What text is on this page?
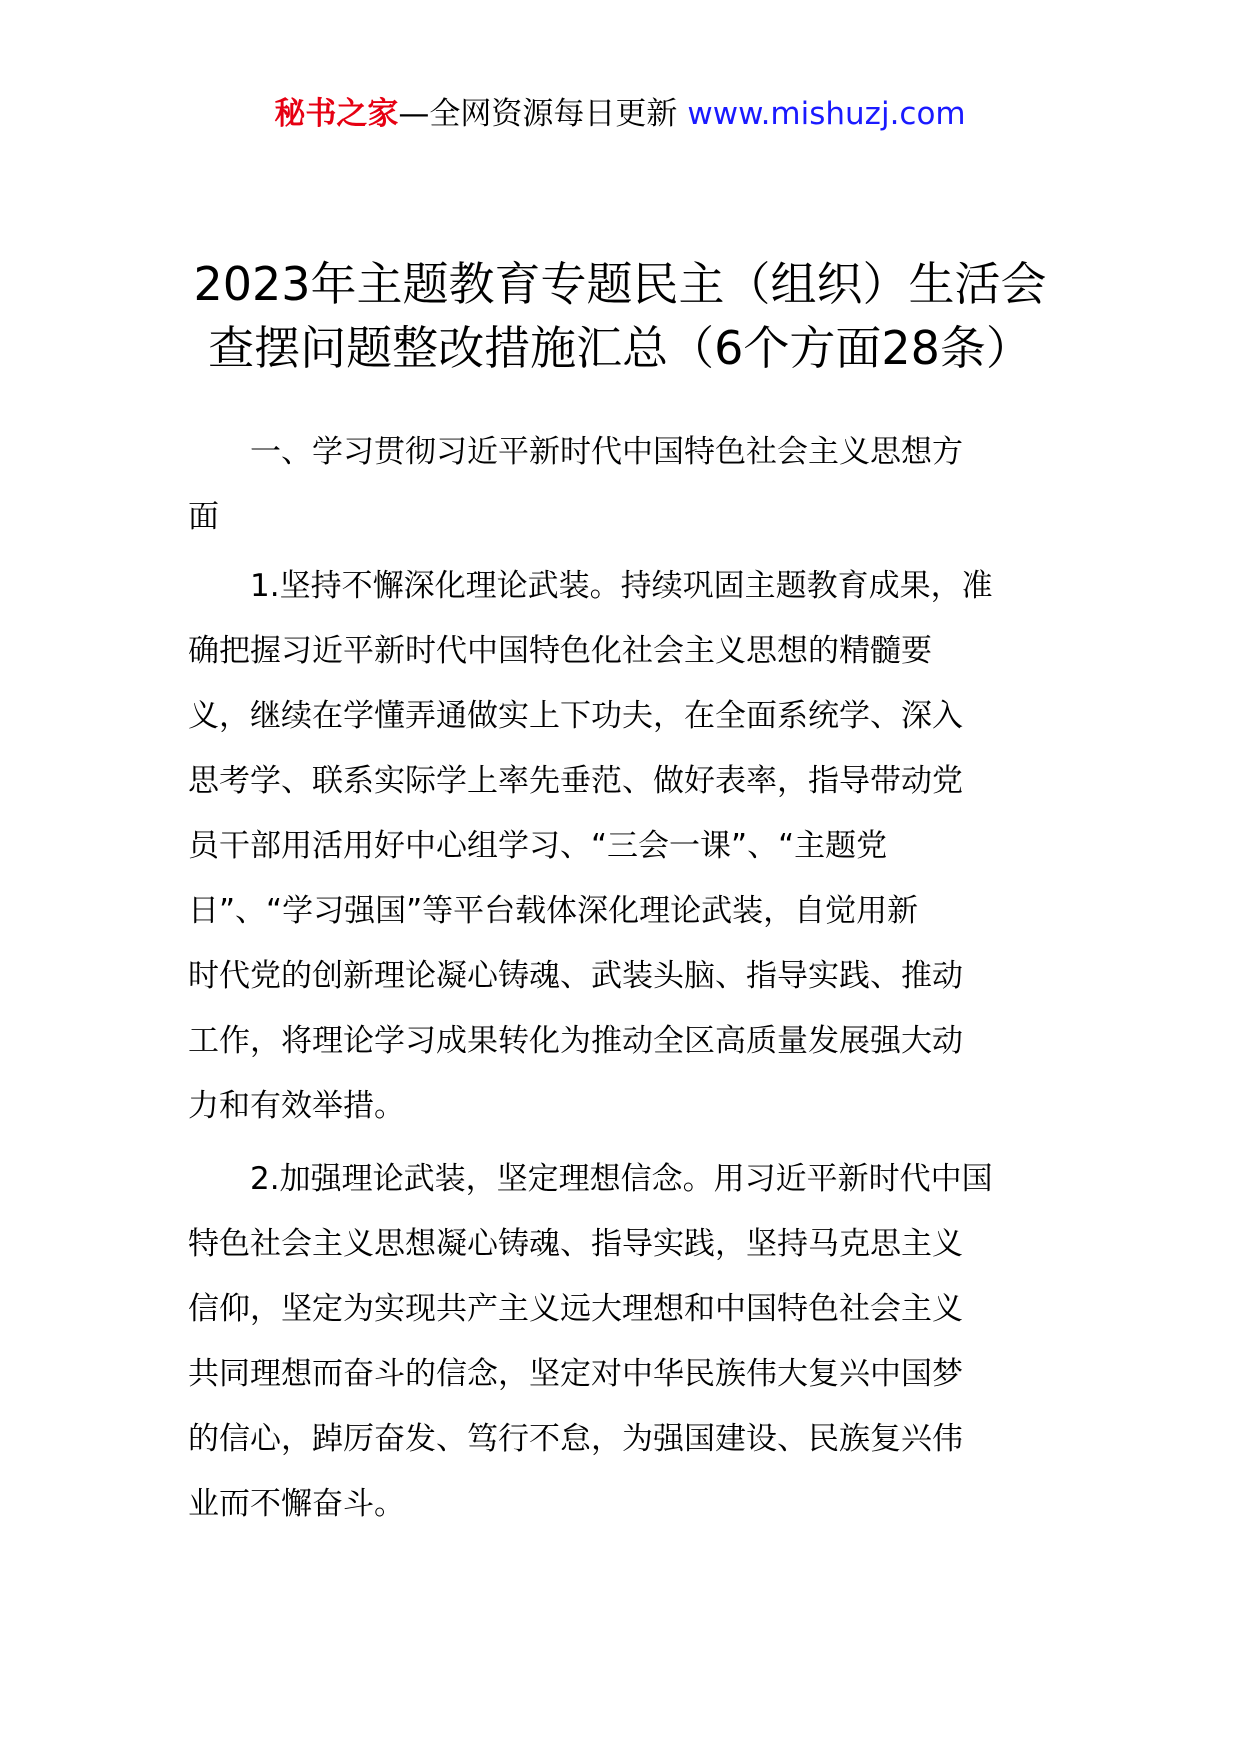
秘书之家—全网资源每日更新 www.mishuzj.com
2023年主题教育专题民主（组织）生活会
查摆问题整改措施汇总（6个方面28条）

一、学习贯彻习近平新时代中国特色社会主义思想方
面

1.坚持不懈深化理论武装。持续巩固主题教育成果，准
确把握习近平新时代中国特色化社会主义思想的精髓要
义，继续在学懂弄通做实上下功夫，在全面系统学、深入
思考学、联系实际学上率先垂范、做好表率，指导带动党
员干部用活用好中心组学习、“三会一课”、“主题党
日”、“学习强国”等平台载体深化理论武装，自觉用新
时代党的创新理论凝心铸魂、武装头脑、指导实践、推动
工作，将理论学习成果转化为推动全区高质量发展强大动
力和有效举措。

2.加强理论武装，坚定理想信念。用习近平新时代中国
特色社会主义思想凝心铸魂、指导实践，坚持马克思主义
信仰，坚定为实现共产主义远大理想和中国特色社会主义
共同理想而奋斗的信念，坚定对中华民族伟大复兴中国梦
的信心，踔厉奋发、笃行不怠，为强国建设、民族复兴伟
业而不懈奋斗。
